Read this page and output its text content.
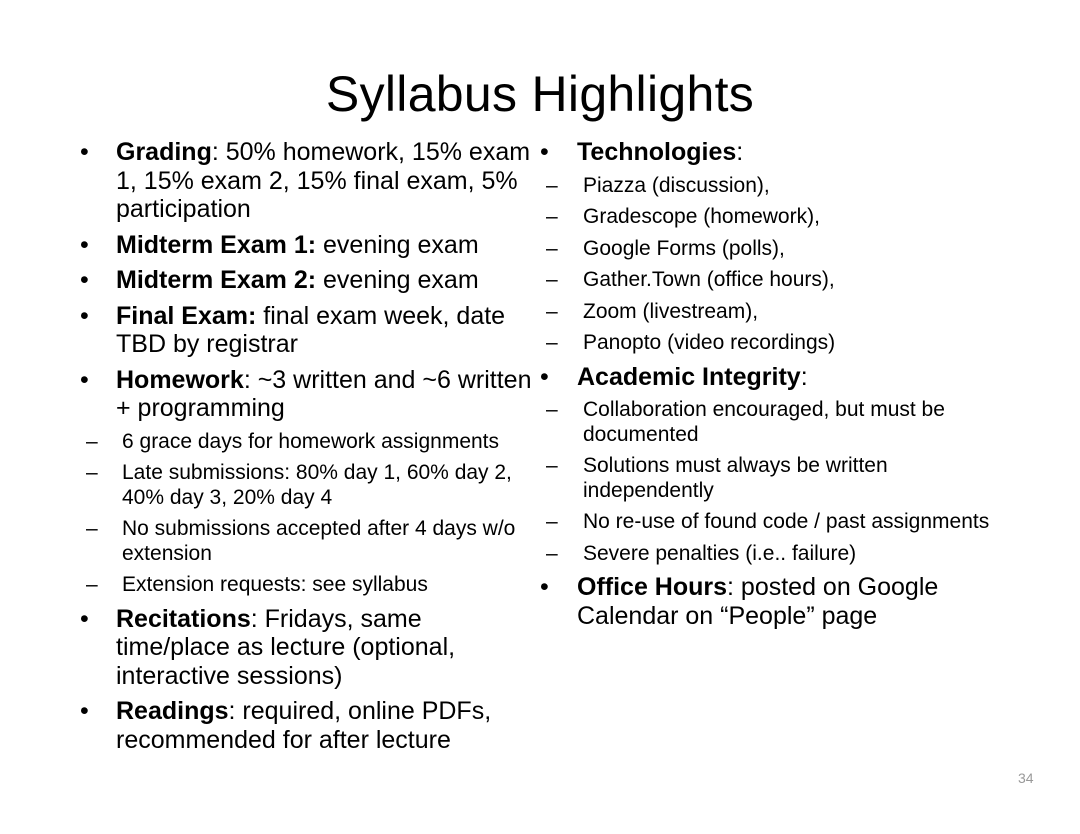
Syllabus Highlights
• Grading: 50% homework, 15% exam 1, 15% exam 2, 15% final exam, 5% participation
• Midterm Exam 1: evening exam
• Midterm Exam 2: evening exam
• Final Exam: final exam week, date TBD by registrar
• Homework: ~3 written and ~6 written + programming
– 6 grace days for homework assignments
– Late submissions: 80% day 1, 60% day 2, 40% day 3, 20% day 4
– No submissions accepted after 4 days w/o extension
– Extension requests: see syllabus
• Recitations: Fridays, same time/place as lecture (optional, interactive sessions)
• Readings: required, online PDFs, recommended for after lecture
• Technologies:
– Piazza (discussion),
– Gradescope (homework),
– Google Forms (polls),
– Gather.Town (office hours),
– Zoom (livestream),
– Panopto (video recordings)
• Academic Integrity:
– Collaboration encouraged, but must be documented
– Solutions must always be written independently
– No re-use of found code / past assignments
– Severe penalties (i.e.. failure)
• Office Hours: posted on Google Calendar on “People” page
34
